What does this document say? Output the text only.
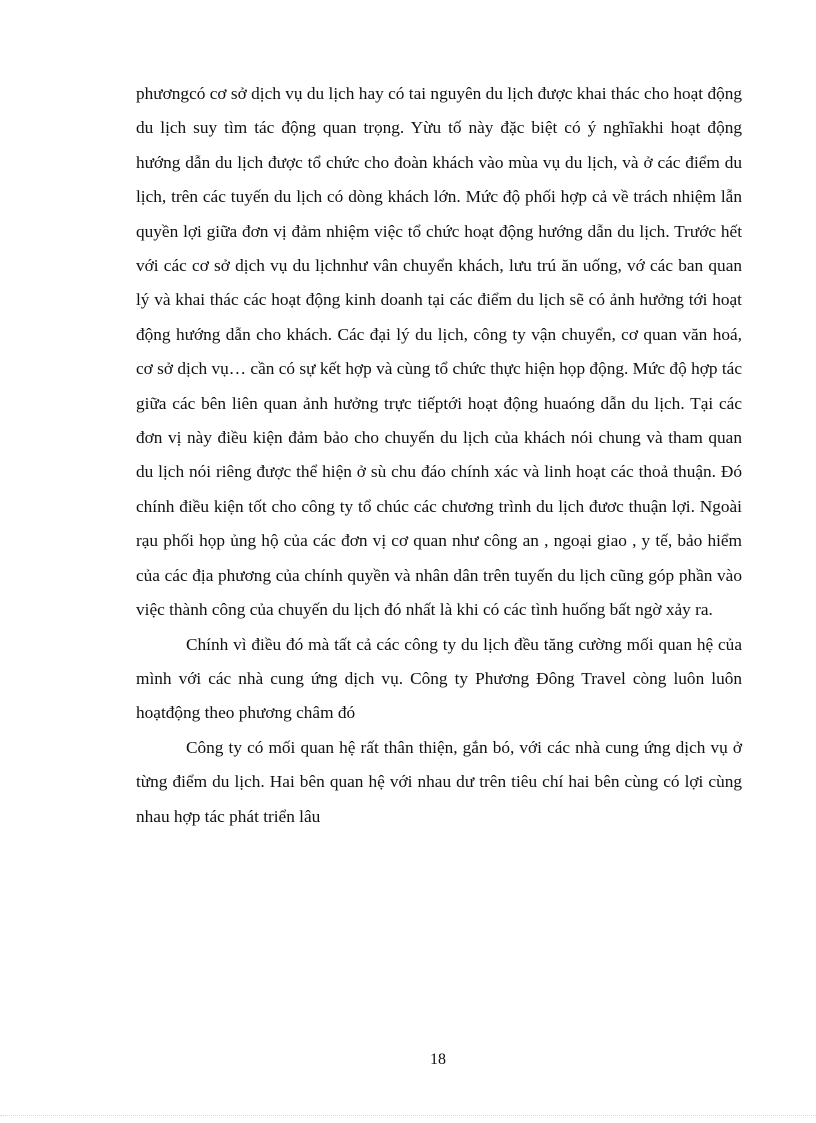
phươngcó cơ sở dịch vụ du lịch hay có tai nguyên du lịch được khai thác cho hoạt động du lịch suy tìm tác động quan trọng. Yừu tố này đặc biệt có ý nghĩakhi hoạt động hướng dẫn du lịch được tổ chức cho đoàn khách vào mùa vụ du lịch, và ở các điểm du lịch, trên các tuyến du lịch có dòng khách lớn. Mức độ phối hợp cả về trách nhiệm lẫn quyền lợi giữa đơn vị đảm nhiệm việc tổ chức hoạt động hướng dẫn du lịch. Trước hết với các cơ sở dịch vụ du lịchnhư vân chuyển khách, lưu trú ăn uống, vớ các ban quan lý và khai thác các hoạt động kinh doanh tại các điểm du lịch sẽ có ảnh hưởng tới hoạt động hướng dẫn cho khách. Các đại lý du lịch, công ty vận chuyển, cơ quan văn hoá, cơ sở dịch vụ… cần có sự kết hợp và cùng tổ chức thực hiện họp động. Mức độ hợp tác giữa các bên liên quan ảnh hưởng trực tiếptới hoạt động huaóng dẫn du lịch. Tại các đơn vị này điều kiện đảm bảo cho chuyến du lịch của khách nói chung và tham quan du lịch nói riêng được thể hiện ở sù chu đáo chính xác và linh hoạt các thoả thuận. Đó chính điều kiện tốt cho công ty tổ chúc các chương trình du lịch đươc thuận lợi. Ngoài rạu phối họp ủng hộ của các đơn vị cơ quan như công an , ngoại giao , y tế, bảo hiểm của các địa phương của chính quyền và nhân dân trên tuyến du lịch cũng góp phần vào việc thành công của chuyến du lịch đó nhất là khi có các tình huống bất ngờ xảy ra.

Chính vì điều đó mà tất cả các công ty du lịch đều tăng cường mối quan hệ của mình với các nhà cung ứng dịch vụ. Công ty Phương Đông Travel còng luôn luôn hoạtđộng theo phương châm đó

Công ty có mối quan hệ rất thân thiện, gắn bó, với các nhà cung ứng dịch vụ ở từng điểm du lịch. Hai bên quan hệ với nhau dư trên tiêu chí hai bên cùng có lợi cùng nhau hợp tác phát triển lâu

18
